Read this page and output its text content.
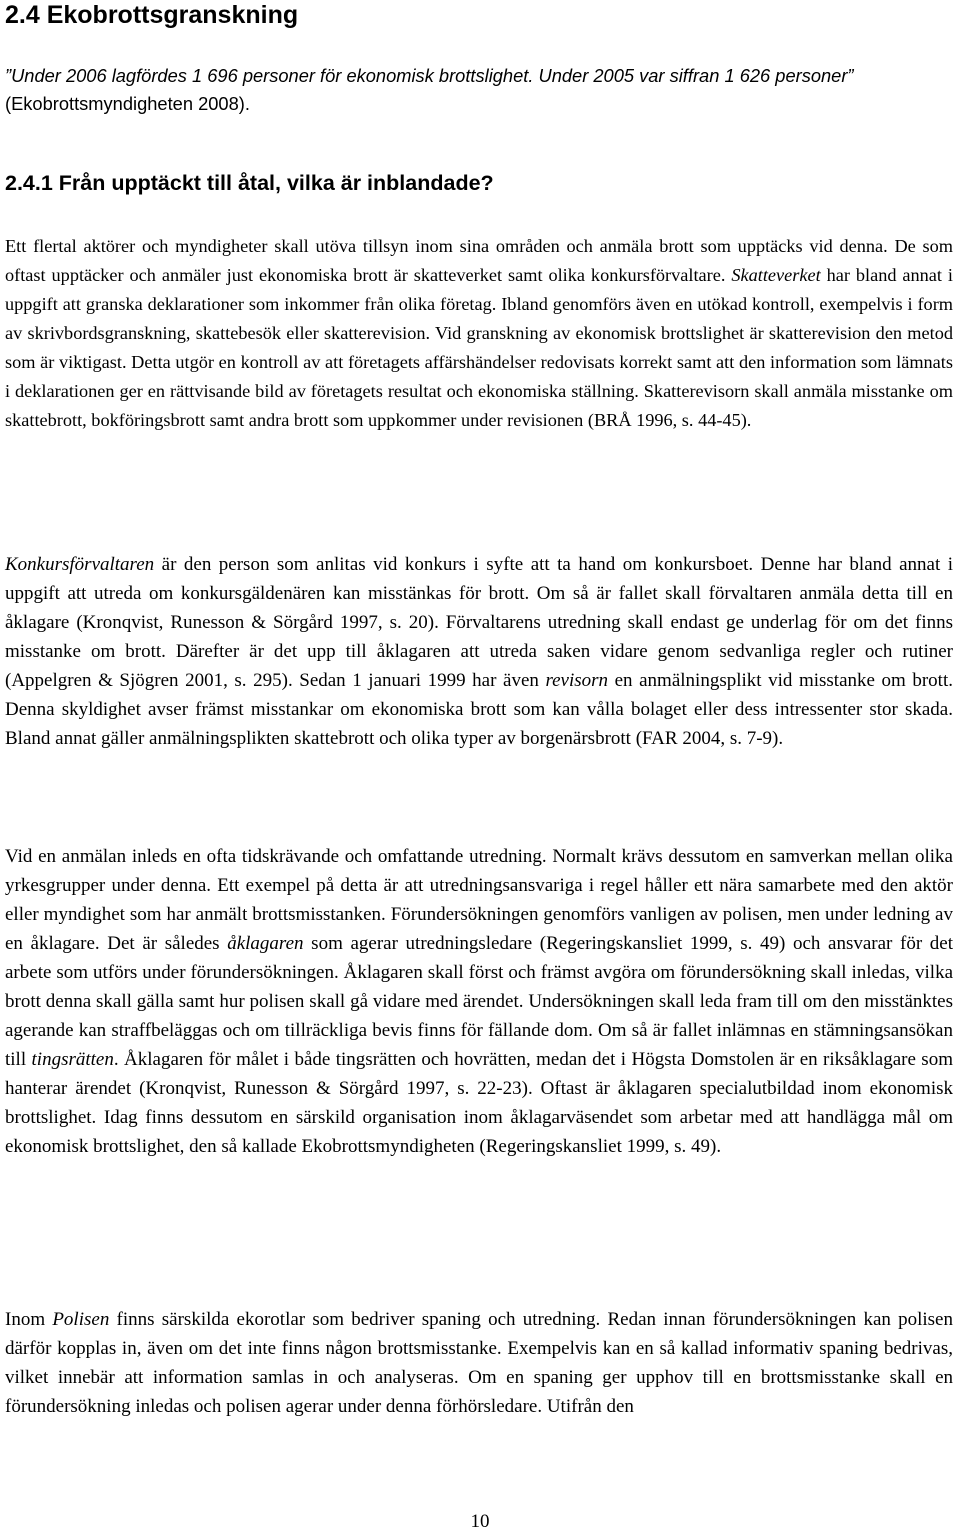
2.4 Ekobrottsgranskning

”Under 2006 lagfördes 1 696 personer för ekonomisk brottslighet. Under 2005 var siffran 1 626 personer” (Ekobrottsmyndigheten 2008).

2.4.1 Från upptäckt till åtal, vilka är inblandade?

Ett flertal aktörer och myndigheter skall utöva tillsyn inom sina områden och anmäla brott som upptäcks vid denna. De som oftast upptäcker och anmäler just ekonomiska brott är skatteverket samt olika konkursförvaltare. Skatteverket har bland annat i uppgift att granska deklarationer som inkommer från olika företag. Ibland genomförs även en utökad kontroll, exempelvis i form av skrivbordsgranskning, skattebesök eller skatterevision. Vid granskning av ekonomisk brottslighet är skatterevision den metod som är viktigast. Detta utgör en kontroll av att företagets affärshändelser redovisats korrekt samt att den information som lämnats i deklarationen ger en rättvisande bild av företagets resultat och ekonomiska ställning. Skatterevisorn skall anmäla misstanke om skattebrott, bokföringsbrott samt andra brott som uppkommer under revisionen (BRÅ 1996, s. 44-45).

Konkursförvaltaren är den person som anlitas vid konkurs i syfte att ta hand om konkursboet. Denne har bland annat i uppgift att utreda om konkursgäldenären kan misstänkas för brott. Om så är fallet skall förvaltaren anmäla detta till en åklagare (Kronqvist, Runesson & Sörgård 1997, s. 20). Förvaltarens utredning skall endast ge underlag för om det finns misstanke om brott. Därefter är det upp till åklagaren att utreda saken vidare genom sedvanliga regler och rutiner (Appelgren & Sjögren 2001, s. 295). Sedan 1 januari 1999 har även revisorn en anmälningsplikt vid misstanke om brott. Denna skyldighet avser främst misstankar om ekonomiska brott som kan vålla bolaget eller dess intressenter stor skada. Bland annat gäller anmälningsplikten skattebrott och olika typer av borgenärsbrott (FAR 2004, s. 7-9).

Vid en anmälan inleds en ofta tidskrävande och omfattande utredning. Normalt krävs dessutom en samverkan mellan olika yrkesgrupper under denna. Ett exempel på detta är att utredningsansvariga i regel håller ett nära samarbete med den aktör eller myndighet som har anmält brottsmisstanken. Förundersökningen genomförs vanligen av polisen, men under ledning av en åklagare. Det är således åklagaren som agerar utredningsledare (Regeringskansliet 1999, s. 49) och ansvarar för det arbete som utförs under förundersökningen. Åklagaren skall först och främst avgöra om förundersökning skall inledas, vilka brott denna skall gälla samt hur polisen skall gå vidare med ärendet. Undersökningen skall leda fram till om den misstänktes agerande kan straffbeläggas och om tillräckliga bevis finns för fällande dom. Om så är fallet inlämnas en stämningsansökan till tingsrätten. Åklagaren för målet i både tingsrätten och hovrätten, medan det i Högsta Domstolen är en riksåklagare som hanterar ärendet (Kronqvist, Runesson & Sörgård 1997, s. 22-23). Oftast är åklagaren specialutbildad inom ekonomisk brottslighet. Idag finns dessutom en särskild organisation inom åklagarväsendet som arbetar med att handlägga mål om ekonomisk brottslighet, den så kallade Ekobrottsmyndigheten (Regeringskansliet 1999, s. 49).

Inom Polisen finns särskilda ekorotlar som bedriver spaning och utredning. Redan innan förundersökningen kan polisen därför kopplas in, även om det inte finns någon brottsmisstanke. Exempelvis kan en så kallad informativ spaning bedrivas, vilket innebär att information samlas in och analyseras. Om en spaning ger upphov till en brottsmisstanke skall en förundersökning inledas och polisen agerar under denna förhörsledare. Utifrån den

10
